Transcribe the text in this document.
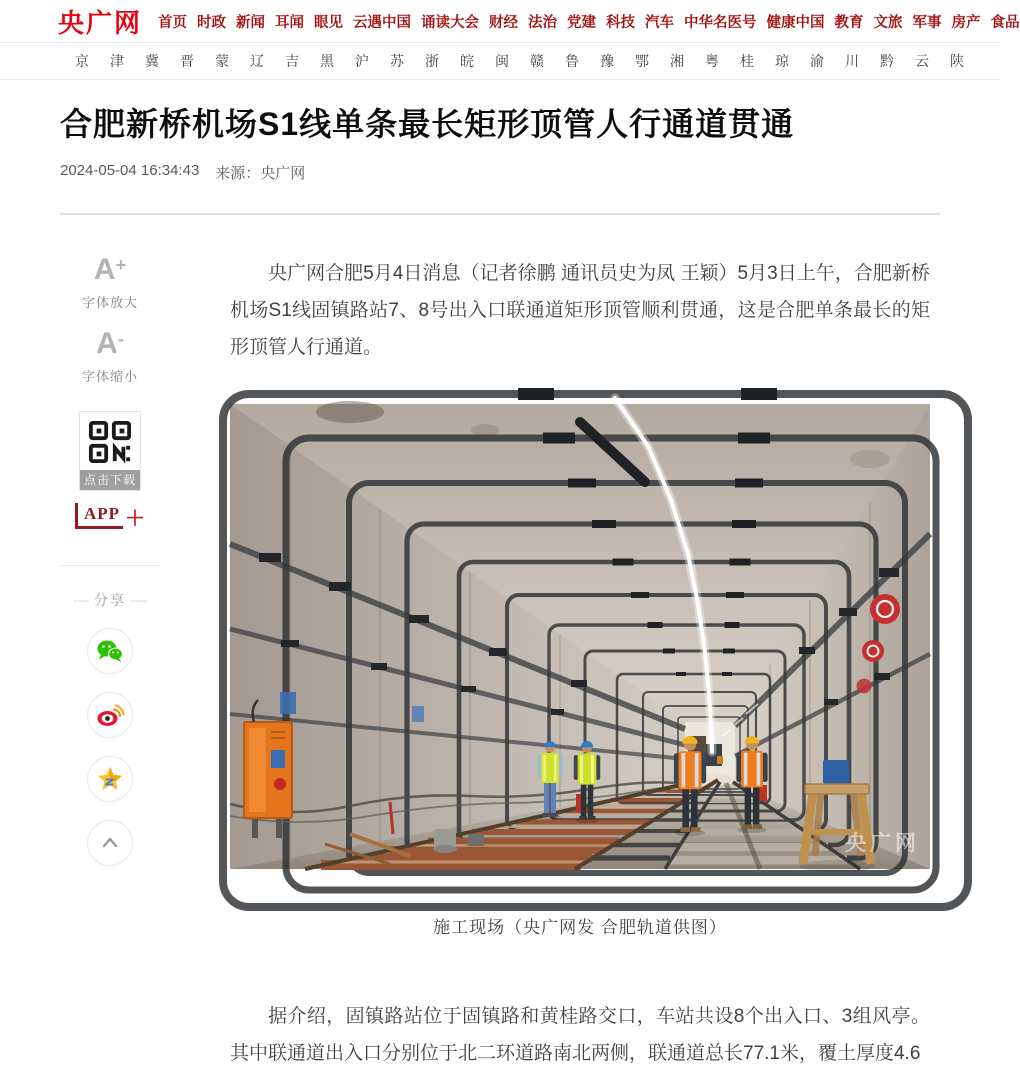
央广网 首页 时政 新闻 耳闻 眼见 云遇中国 诵读大会 财经 法治 党建 科技 汽车 中华名医号 健康中国 教育 文旅 军事 房产 食品
京 津 冀 晋 蒙 辽 吉 黑 沪 苏 浙 皖 闽 赣 鲁 豫 鄂 湘 粤 桂 琼 渝 川 黔 云 陕
合肥新桥机场S1线单条最长矩形顶管人行通道贯通
2024-05-04 16:34:43 来源：央广网
A+
字体放大
A-
字体缩小
点击下载
APP ＋
-— 分享 -—

央广网合肥5月4日消息（记者徐鹏 通讯员史为凤 王颖）5月3日上午，合肥新桥机场S1线固镇路站7、8号出入口联通道矩形顶管顺利贯通，这是合肥单条最长的矩形顶管人行通道。

央广网
施工现场（央广网发 合肥轨道供图）

据介绍，固镇路站位于固镇路和黄桂路交口，车站共设8个出入口、3组风亭。其中联通道出入口分别位于北二环道路南北两侧，联通道总长77.1米，覆土厚度4.6
